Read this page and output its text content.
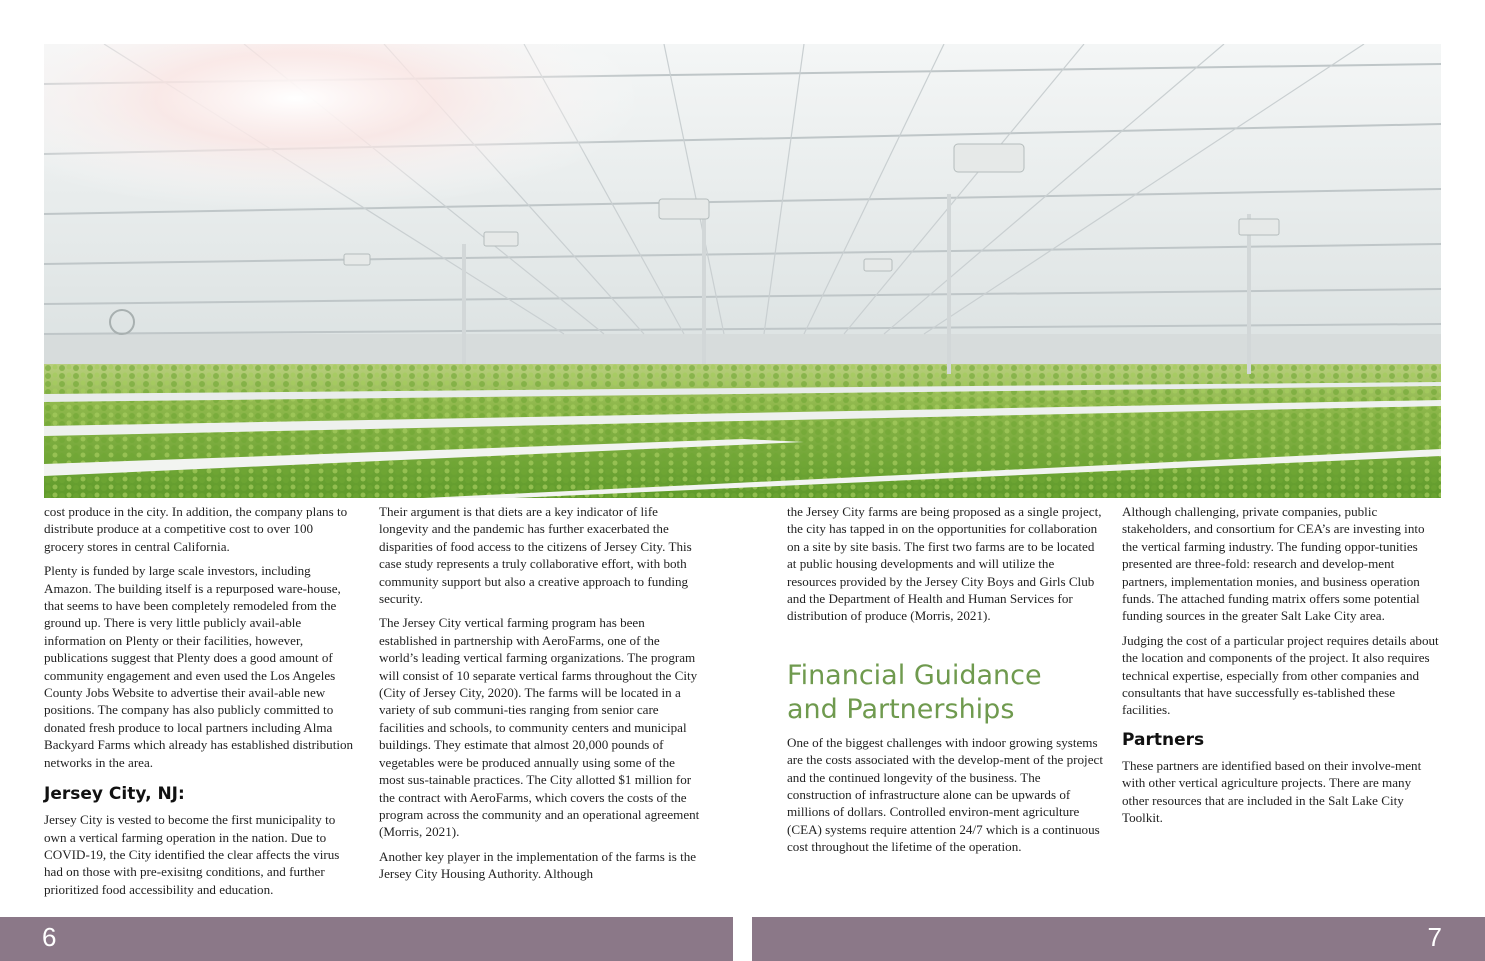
cost produce in the city. In addition, the company plans to distribute produce at a competitive cost to over 100 grocery stores in central California.

Plenty is funded by large scale investors, including Amazon. The building itself is a repurposed ware-house, that seems to have been completely remodeled from the ground up. There is very little publicly avail-able information on Plenty or their facilities, however, publications suggest that Plenty does a good amount of community engagement and even used the Los Angeles County Jobs Website to advertise their avail-able new positions. The company has also publicly committed to donated fresh produce to local partners including Alma Backyard Farms which already has established distribution networks in the area.

Jersey City, NJ:

Jersey City is vested to become the first municipality to own a vertical farming operation in the nation. Due to COVID-19, the City identified the clear affects the virus had on those with pre-exisitng conditions, and further prioritized food accessibility and education.

Their argument is that diets are a key indicator of life longevity and the pandemic has further exacerbated the disparities of food access to the citizens of Jersey City. This case study represents a truly collaborative effort, with both community support but also a creative approach to funding security.

The Jersey City vertical farming program has been established in partnership with AeroFarms, one of the world’s leading vertical farming organizations. The program will consist of 10 separate vertical farms throughout the City (City of Jersey City, 2020). The farms will be located in a variety of sub communi-ties ranging from senior care facilities and schools, to community centers and municipal buildings. They estimate that almost 20,000 pounds of vegetables were be produced annually using some of the most sus-tainable practices. The City allotted $1 million for the contract with AeroFarms, which covers the costs of the program across the community and an operational agreement (Morris, 2021).

Another key player in the implementation of the farms is the Jersey City Housing Authority. Although

the Jersey City farms are being proposed as a single project, the city has tapped in on the opportunities for collaboration on a site by site basis. The first two farms are to be located at public housing developments and will utilize the resources provided by the Jersey City Boys and Girls Club and the Department of Health and Human Services for distribution of produce (Morris, 2021).

Financial Guidance
and Partnerships

One of the biggest challenges with indoor growing systems are the costs associated with the develop-ment of the project and the continued longevity of the business. The construction of infrastructure alone can be upwards of millions of dollars. Controlled environ-ment agriculture (CEA) systems require attention 24/7 which is a continuous cost throughout the lifetime of the operation.

Although challenging, private companies, public stakeholders, and consortium for CEA’s are investing into the vertical farming industry. The funding oppor-tunities presented are three-fold: research and develop-ment partners, implementation monies, and business operation funds. The attached funding matrix offers some potential funding sources in the greater Salt Lake City area.

Judging the cost of a particular project requires details about the location and components of the project. It also requires technical expertise, especially from other companies and consultants that have successfully es-tablished these facilities.

Partners

These partners are identified based on their involve-ment with other vertical agriculture projects. There are many other resources that are included in the Salt Lake City Toolkit.

6	7
